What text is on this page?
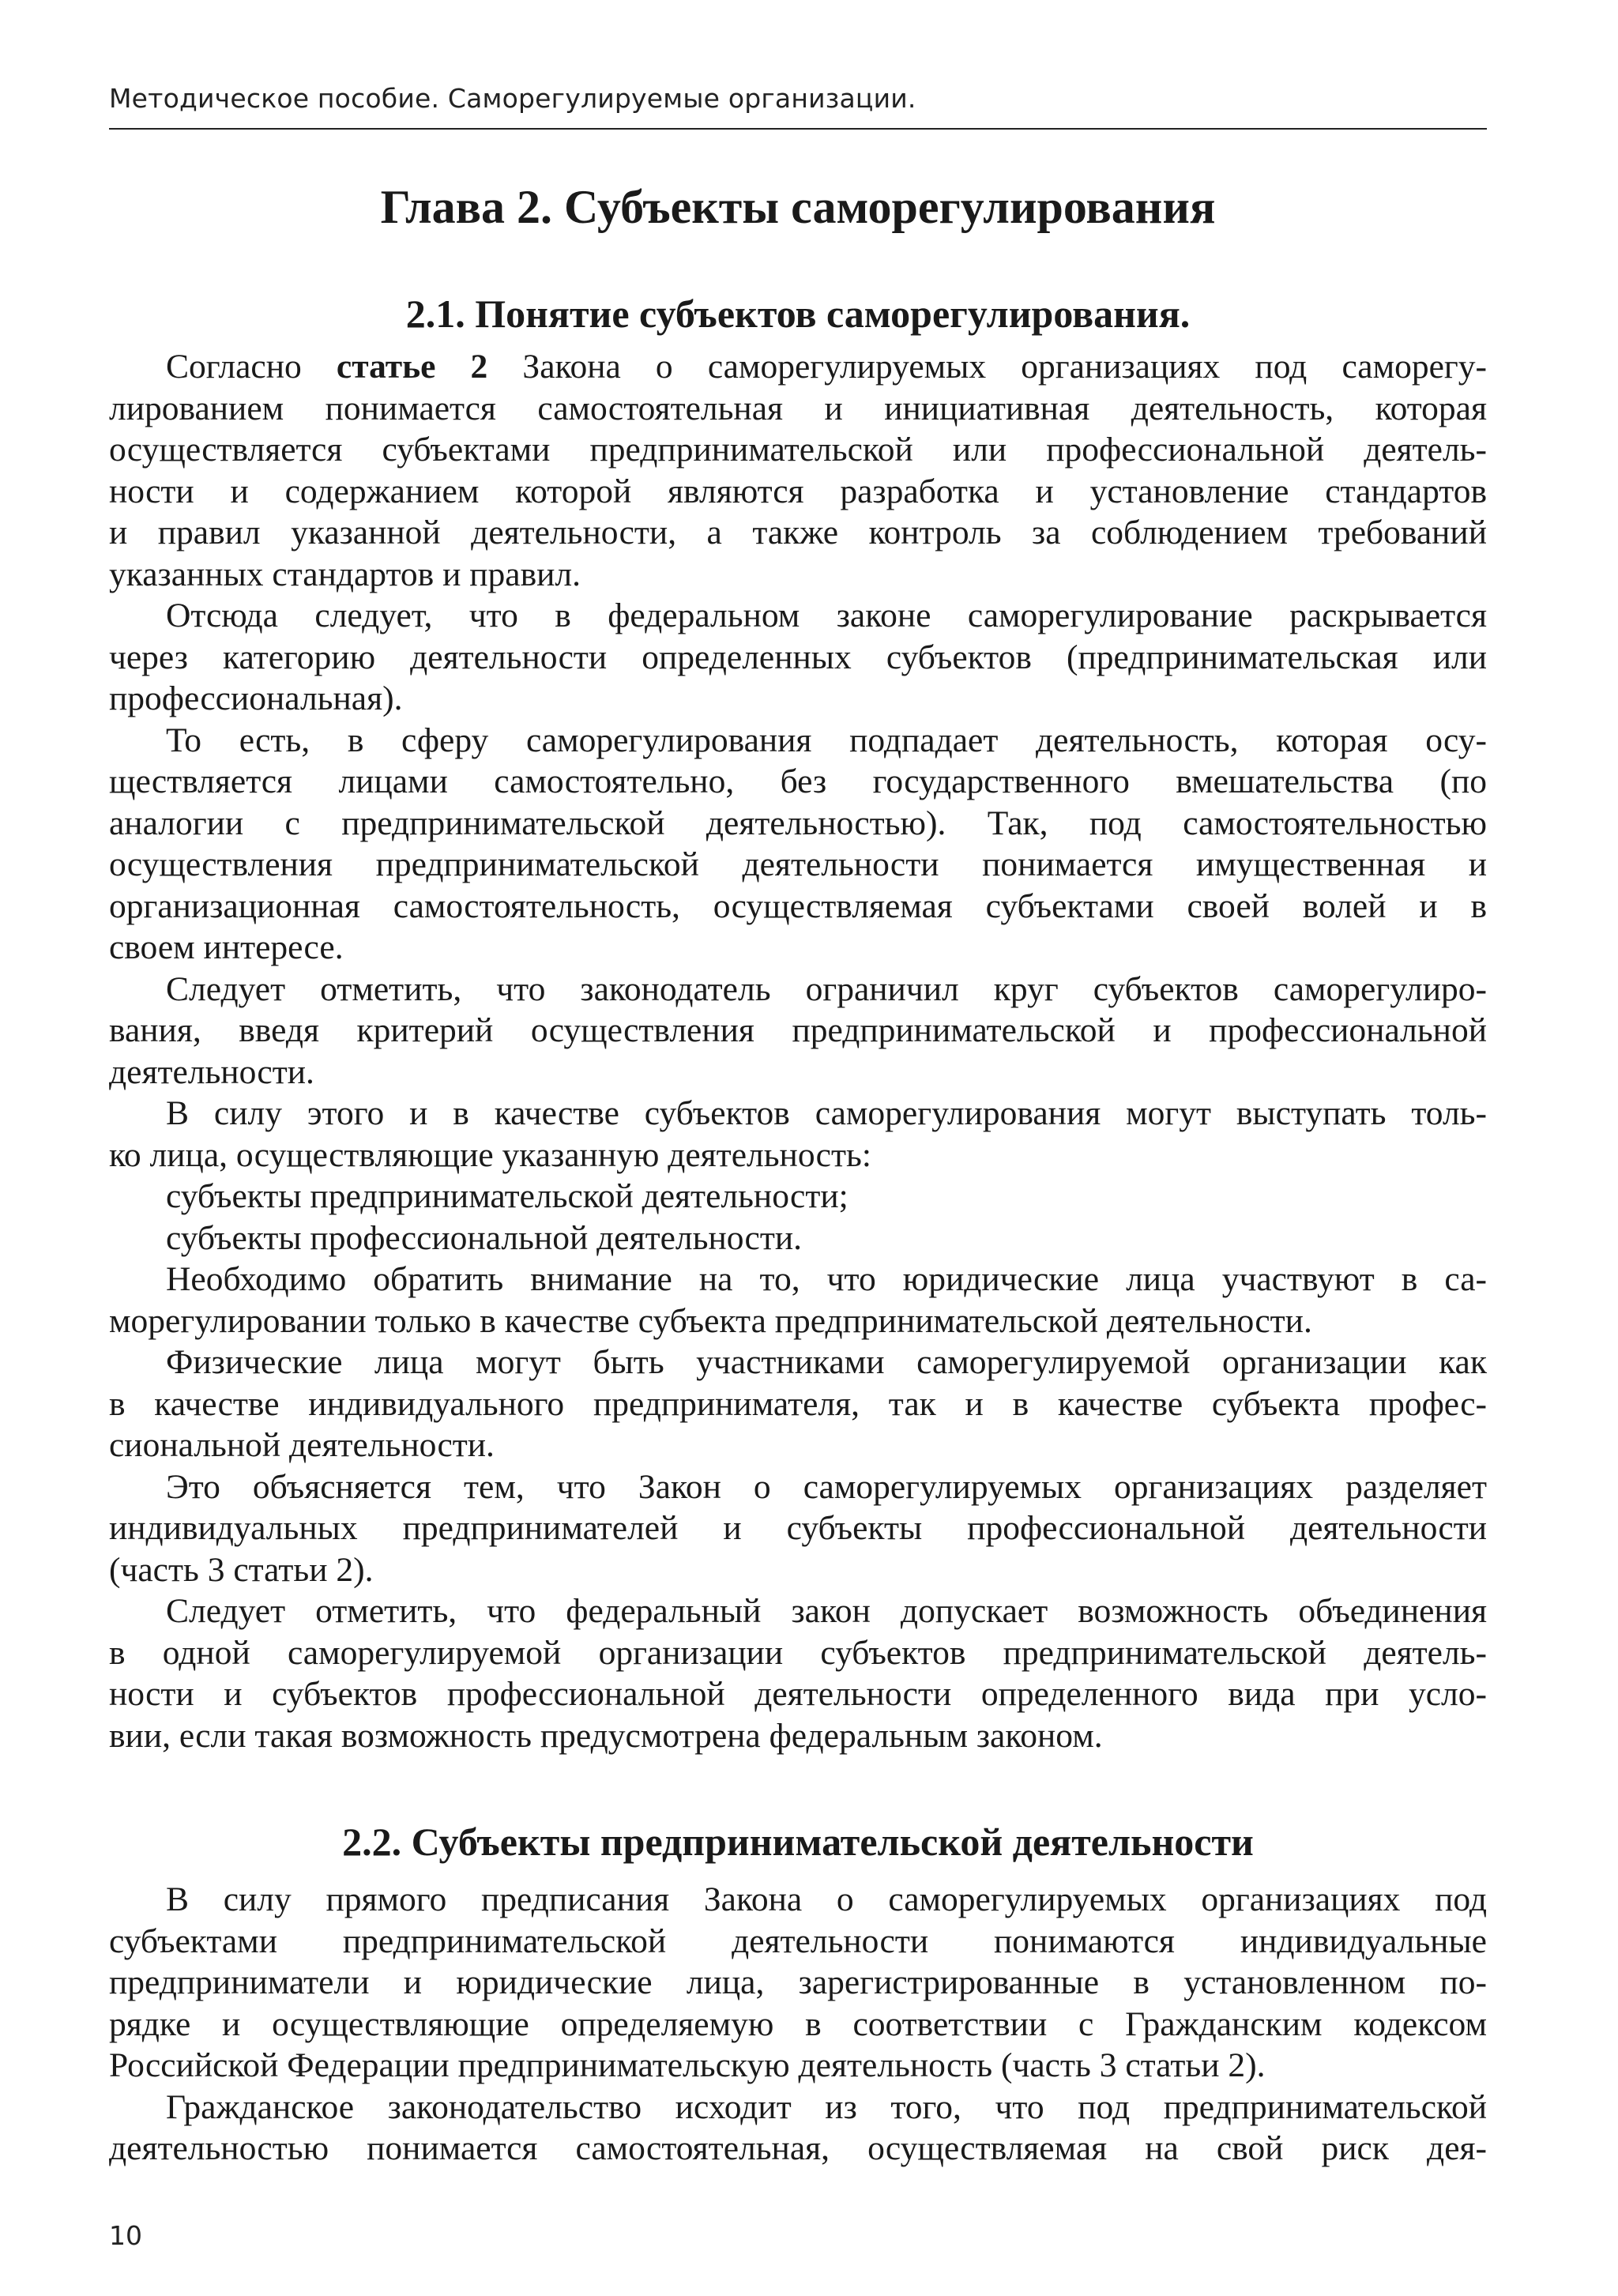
Методическое пособие. Саморегулируемые организации.
Глава 2. Субъекты саморегулирования
2.1. Понятие субъектов саморегулирования.
Согласно статье 2 Закона о саморегулируемых организациях под саморегу-
лированием понимается самостоятельная и инициативная деятельность, которая
осуществляется субъектами предпринимательской или профессиональной деятель-
ности и содержанием которой являются разработка и установление стандартов
и правил указанной деятельности, а также контроль за соблюдением требований
указанных стандартов и правил.
Отсюда следует, что в федеральном законе саморегулирование раскрывается
через категорию деятельности определенных субъектов (предпринимательская или
профессиональная).
То есть, в сферу саморегулирования подпадает деятельность, которая осу-
ществляется лицами самостоятельно, без государственного вмешательства (по
аналогии с предпринимательской деятельностью). Так, под самостоятельностью
осуществления предпринимательской деятельности понимается имущественная и
организационная самостоятельность, осуществляемая субъектами своей волей и в
своем интересе.
Следует отметить, что законодатель ограничил круг субъектов саморегулиро-
вания, введя критерий осуществления предпринимательской и профессиональной
деятельности.
В силу этого и в качестве субъектов саморегулирования могут выступать толь-
ко лица, осуществляющие указанную деятельность:
субъекты предпринимательской деятельности;
субъекты профессиональной деятельности.
Необходимо обратить внимание на то, что юридические лица участвуют в са-
морегулировании только в качестве субъекта предпринимательской деятельности.
Физические лица могут быть участниками саморегулируемой организации как
в качестве индивидуального предпринимателя, так и в качестве субъекта профес-
сиональной деятельности.
Это объясняется тем, что Закон о саморегулируемых организациях разделяет
индивидуальных предпринимателей и субъекты профессиональной деятельности
(часть 3 статьи 2).
Следует отметить, что федеральный закон допускает возможность объединения
в одной саморегулируемой организации субъектов предпринимательской деятель-
ности и субъектов профессиональной деятельности определенного вида при усло-
вии, если такая возможность предусмотрена федеральным законом.
2.2. Субъекты предпринимательской деятельности
В силу прямого предписания Закона о саморегулируемых организациях под
субъектами предпринимательской деятельности понимаются индивидуальные
предприниматели и юридические лица, зарегистрированные в установленном по-
рядке и осуществляющие определяемую в соответствии с Гражданским кодексом
Российской Федерации предпринимательскую деятельность (часть 3 статьи 2).
Гражданское законодательство исходит из того, что под предпринимательской
деятельностью понимается самостоятельная, осуществляемая на свой риск дея-
10
